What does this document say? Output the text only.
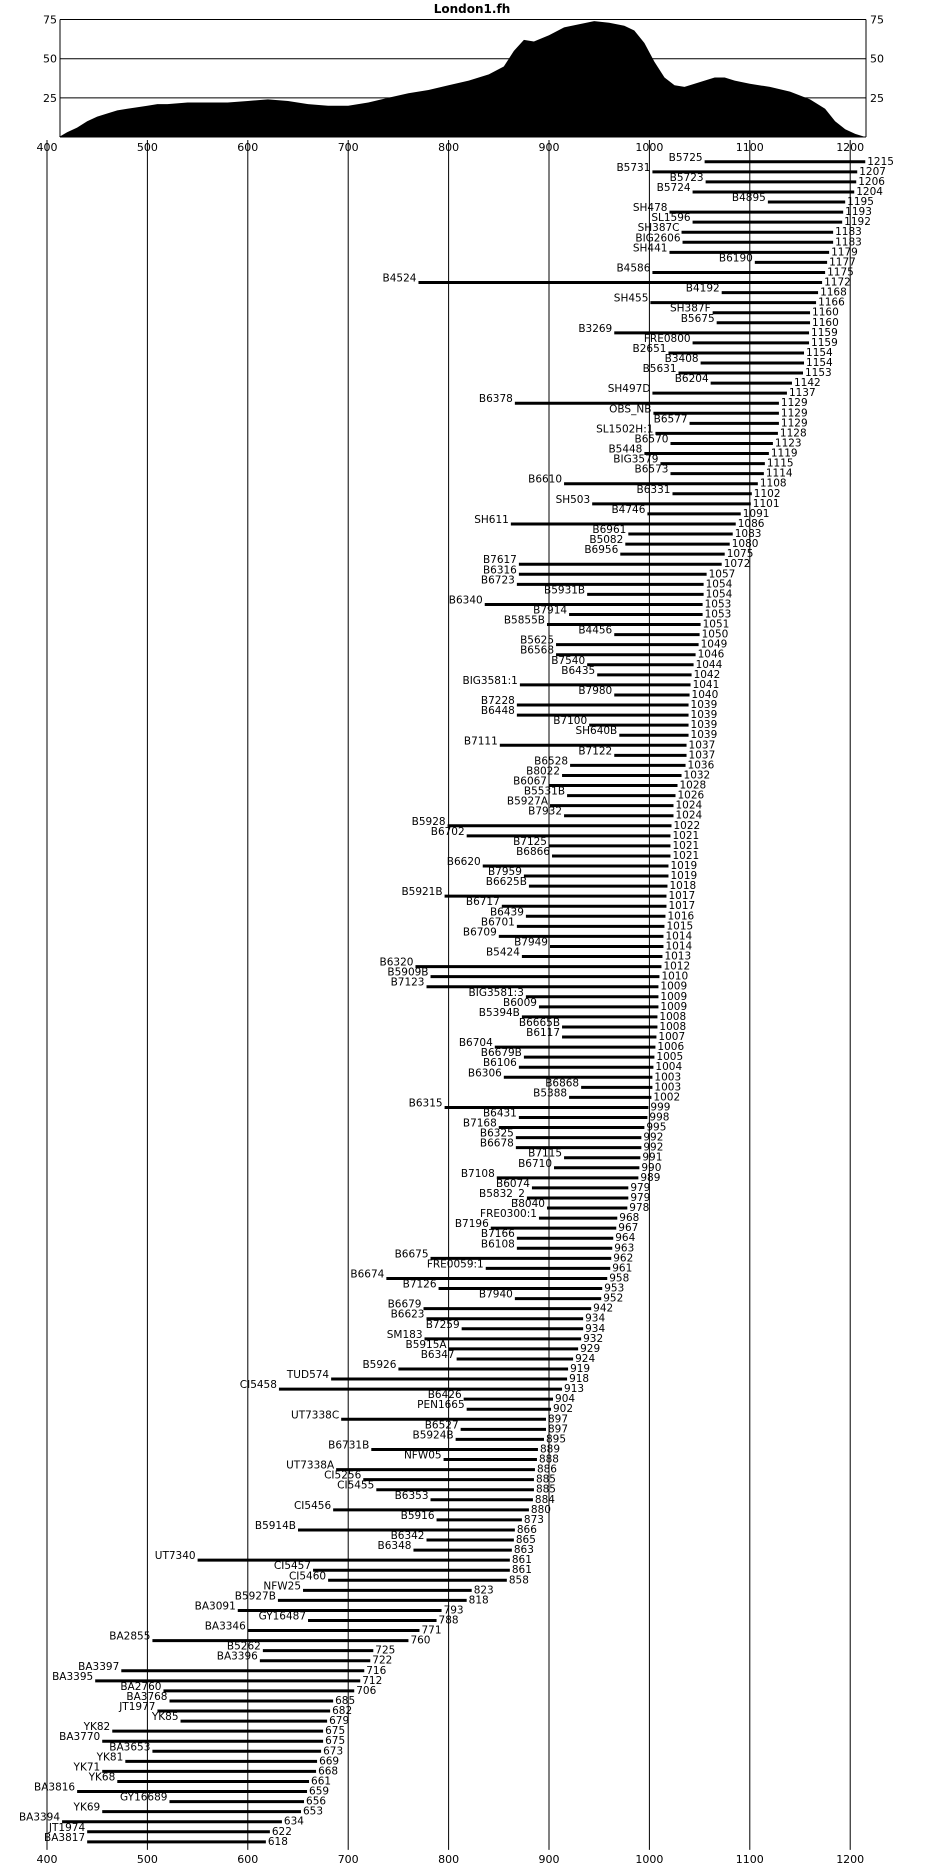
London1.fh
400	500	600	700	800	900	1000	1100	1200
400	500	600	700	800	900	1000	1100	1200
25	25
50	50
75	75
B5725	1215
B5731	1207
B5723	1206
B5724	1204
B4895	1195
SH478	1193
SL1596	1192
SH387C	1183
BIG2606	1183
SH441	1179
B6190	1177
B4586	1175
B4524	1172
B4192	1168
SH455	1166
SH387F	1160
B5675	1160
B3269	1159
FRE0800	1159
B2651	1154
B3408	1154
B5631	1153
B6204	1142
SH497D	1137
B6378	1129
OBS_NB	1129
B6577	1129
SL1502H:1	1128
B6570	1123
B5448	1119
BIG3579	1115
B6573	1114
B6610	1108
B6331	1102
SH503	1101
B4746	1091
SH611	1086
B6961	1083
B5082	1080
B6956	1075
B7617	1072
B6316	1057
B6723	1054
B5931B	1054
B6340	1053
B7914	1053
B5855B	1051
B4456	1050
B5625	1049
B6568	1046
B7540	1044
B6435	1042
BIG3581:1	1041
B7980	1040
B7228	1039
B6448	1039
B7100	1039
SH640B	1039
B7111	1037
B7122	1037
B6528	1036
B8022	1032
B6067	1028
B5531B	1026
B5927A	1024
B7932	1024
B5928	1022
B6702	1021
B7125	1021
B6866	1021
B6620	1019
B7959	1019
B6625B	1018
B5921B	1017
B6717	1017
B6439	1016
B6701	1015
B6709	1014
B7949	1014
B5424	1013
B6320	1012
B5909B	1010
B7123	1009
BIG3581:3	1009
B6009	1009
B5394B	1008
B6665B	1008
B6117	1007
B6704	1006
B6679B	1005
B6106	1004
B6306	1003
B6868	1003
B5388	1002
B6315	999
B6431	998
B7168	995
B6325	992
B6678	992
B7115	991
B6710	990
B7108	989
B6074	979
B5832_2	979
B8040	978
FRE0300:1	968
B7196	967
B7166	964
B6108	963
B6675	962
FRE0059:1	961
B6674	958
B7126	953
B7940	952
B6679	942
B6623	934
B7259	934
SM183	932
B5915A	929
B6347	924
B5926	919
TUD574	918
CI5458	913
B6426	904
PEN1665	902
UT7338C	897
B6527	897
B5924B	895
B6731B	889
NFW05	888
UT7338A	886
CI5256	885
CI5455	885
B6353	884
CI5456	880
B5916	873
B5914B	866
B6342	865
B6348	863
UT7340	861
CI5457	861
CI5460	858
NFW25	823
B5927B	818
BA3091	793
GY16487	788
BA3346	771
BA2855	760
B5262	725
BA3396	722
BA3397	716
BA3395	712
BA2760	706
BA3768	685
JT1977	682
YK85	679
YK82	675
BA3770	675
BA3653	673
YK81	669
YK71	668
YK68	661
BA3816	659
GY16689	656
YK69	653
BA3394	634
JT1974	622
BA3817	618
